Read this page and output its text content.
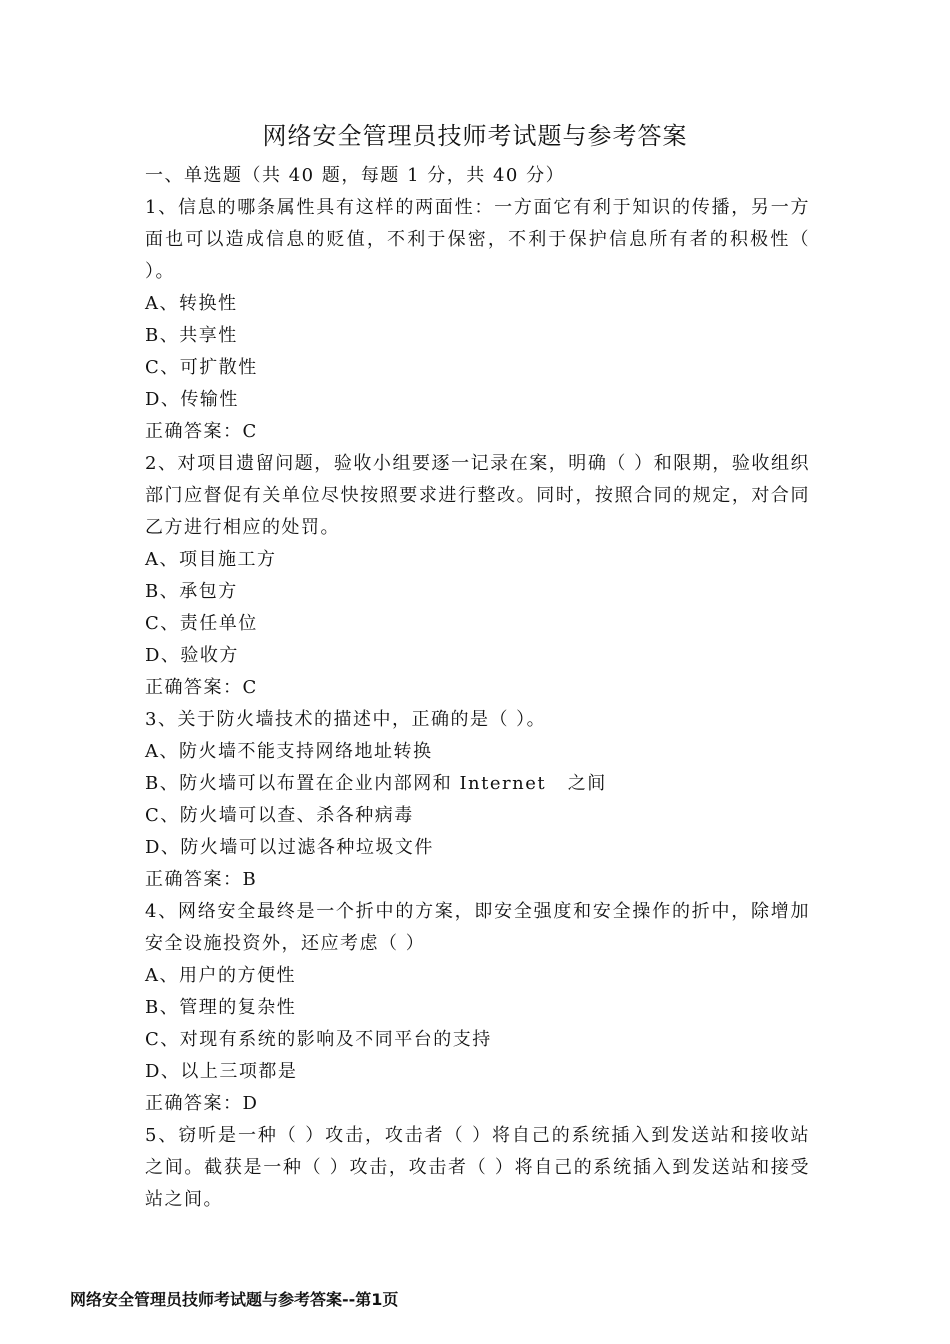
网络安全管理员技师考试题与参考答案

一、单选题（共 40 题，每题 1 分，共 40 分）

1、信息的哪条属性具有这样的两面性：一方面它有利于知识的传播，另一方面也可以造成信息的贬值，不利于保密，不利于保护信息所有者的积极性（ ）。

A、转换性

B、共享性

C、可扩散性

D、传输性

正确答案：C

2、对项目遗留问题，验收小组要逐一记录在案，明确（ ）和限期，验收组织部门应督促有关单位尽快按照要求进行整改。同时，按照合同的规定，对合同乙方进行相应的处罚。

A、项目施工方

B、承包方

C、责任单位

D、验收方

正确答案：C

3、关于防火墙技术的描述中，正确的是（ ）。

A、防火墙不能支持网络地址转换

B、防火墙可以布置在企业内部网和 Internet   之间

C、防火墙可以查、杀各种病毒

D、防火墙可以过滤各种垃圾文件

正确答案：B

4、网络安全最终是一个折中的方案，即安全强度和安全操作的折中，除增加安全设施投资外，还应考虑（ ）

A、用户的方便性

B、管理的复杂性

C、对现有系统的影响及不同平台的支持

D、以上三项都是

正确答案：D

5、窃听是一种（ ）攻击，攻击者（ ）将自己的系统插入到发送站和接收站之间。截获是一种（ ）攻击，攻击者（ ）将自己的系统插入到发送站和接受站之间。

网络安全管理员技师考试题与参考答案--第1页
